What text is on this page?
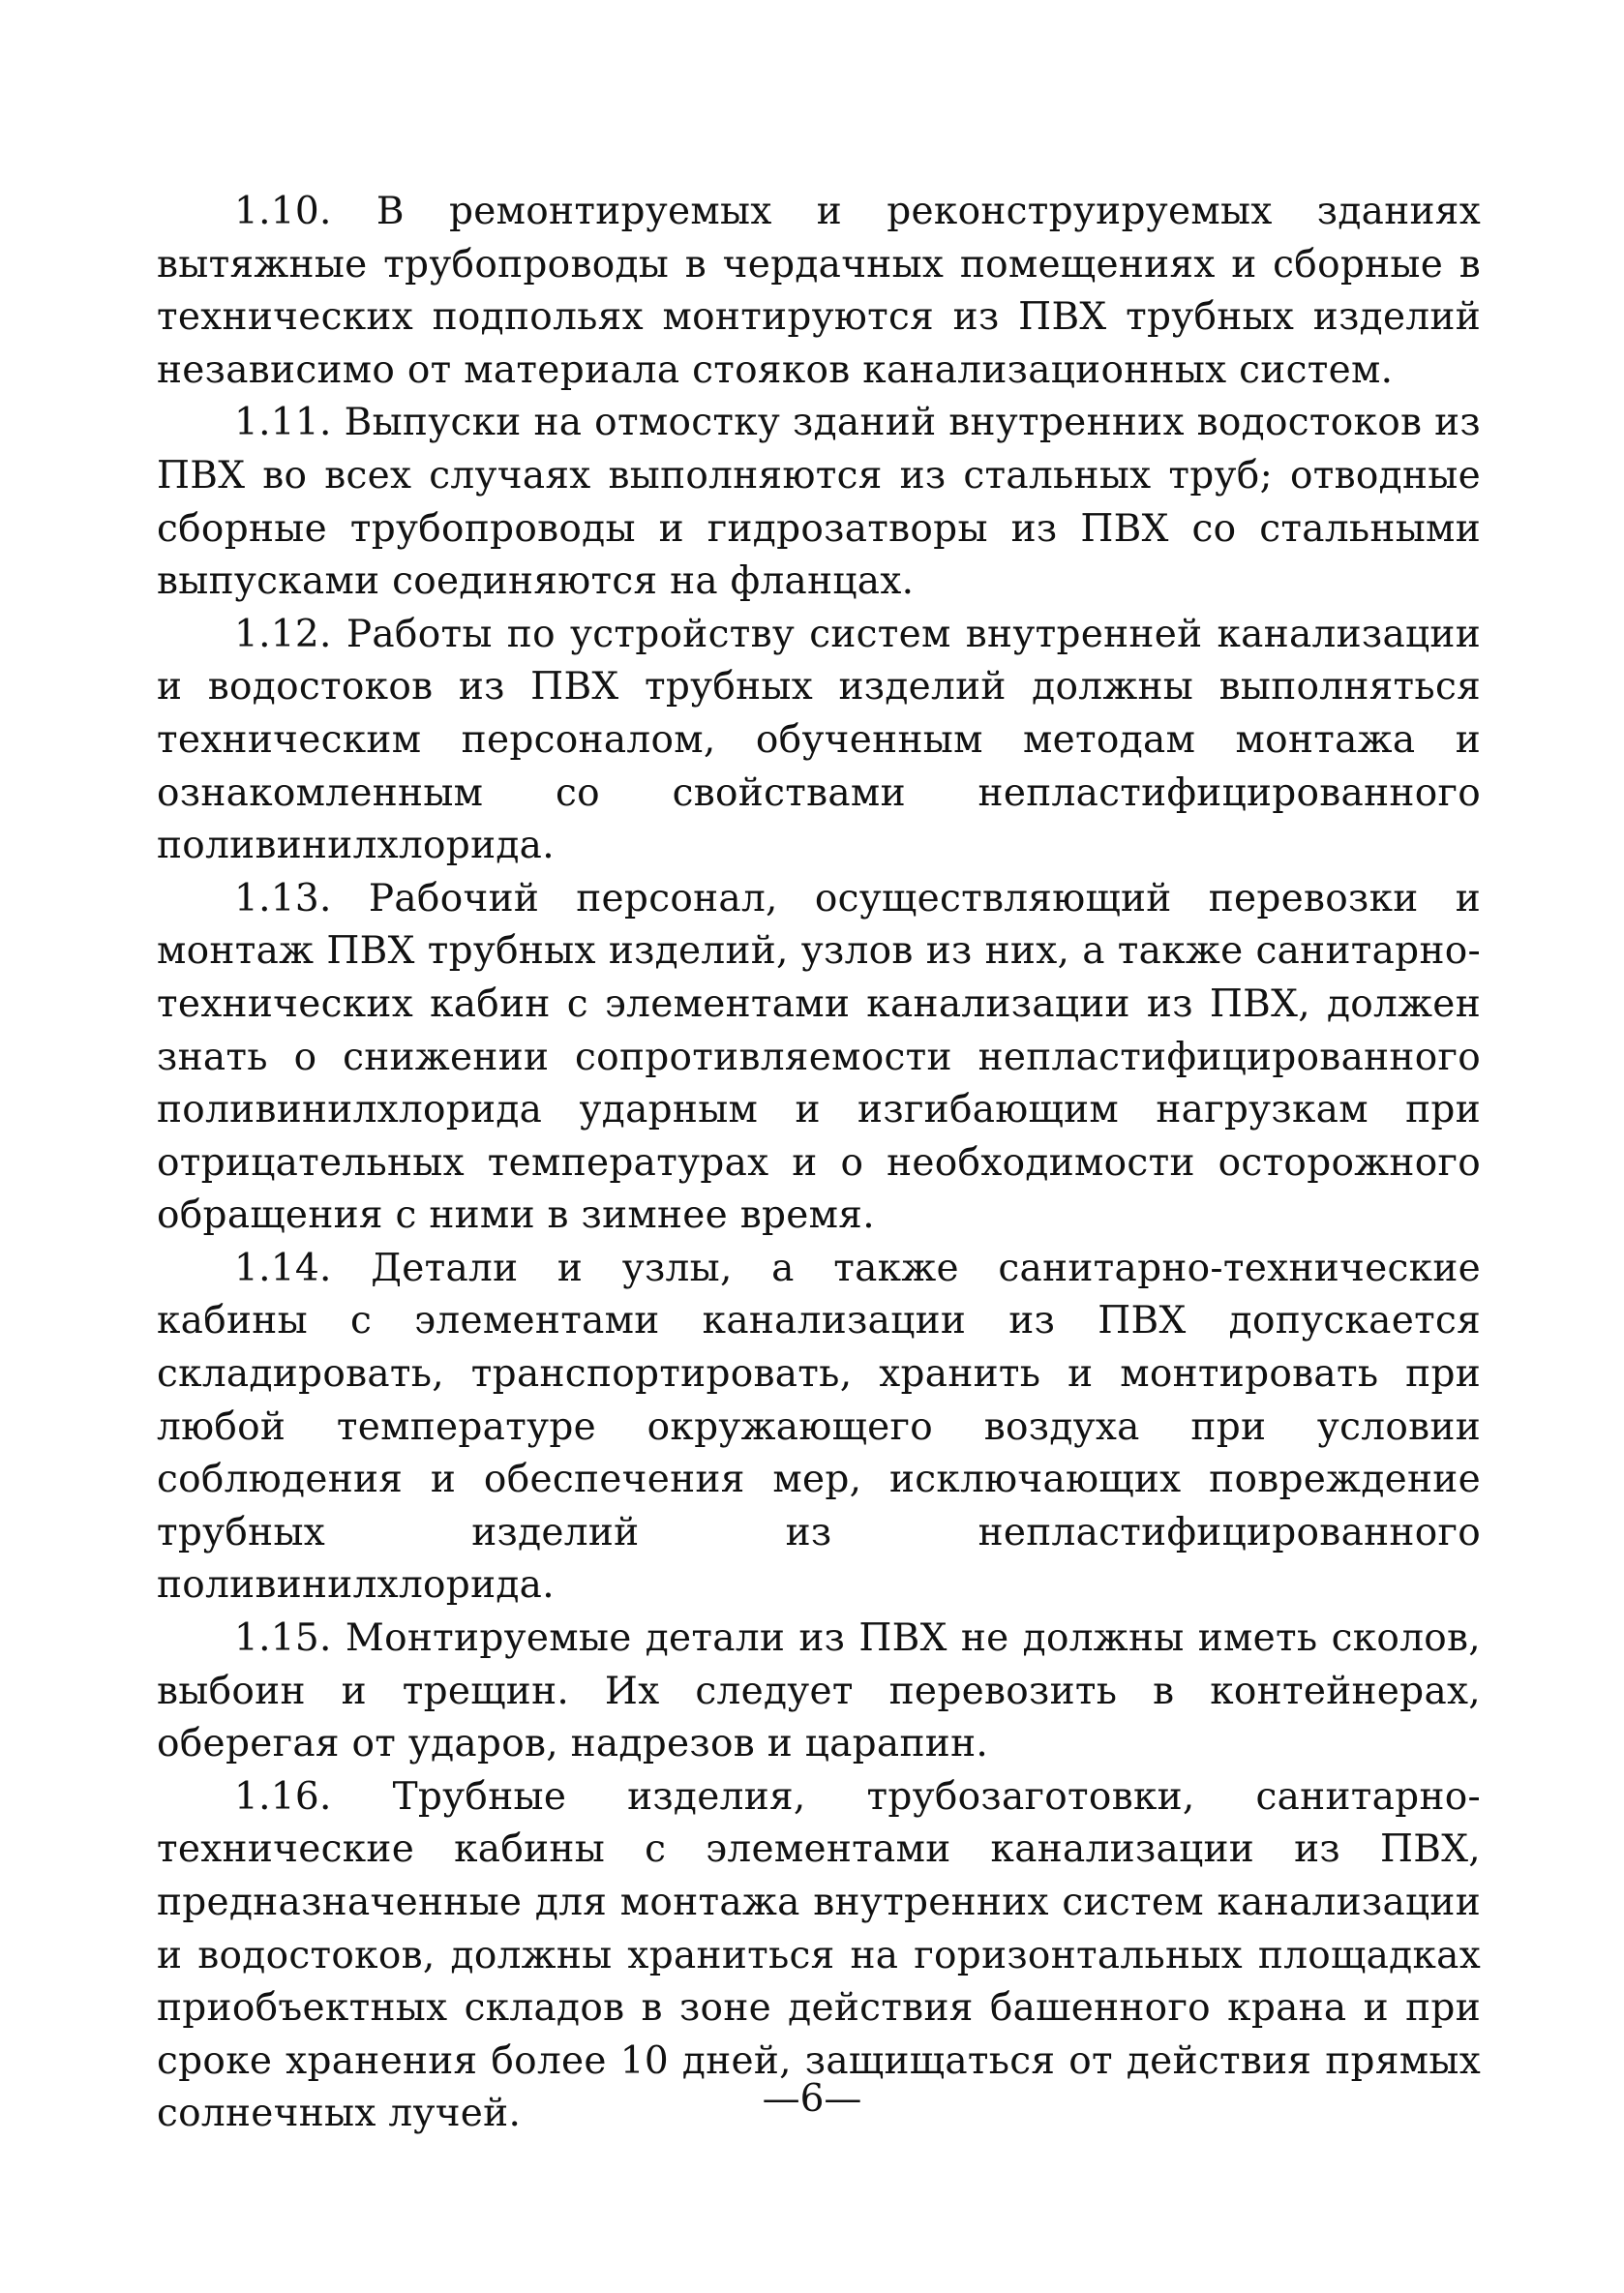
1.10. В ремонтируемых и реконструируемых зданиях вытяжные трубопроводы в чердачных помещениях и сборные в технических подпольях монтируются из ПВХ трубных изделий независимо от материала стояков канализационных систем.

1.11. Выпуски на отмостку зданий внутренних водостоков из ПВХ во всех случаях выполняются из стальных труб; отводные сборные трубопроводы и гидрозатворы из ПВХ со стальными выпусками соединяются на фланцах.

1.12. Работы по устройству систем внутренней канализации и водостоков из ПВХ трубных изделий должны выполняться техническим персоналом, обученным методам монтажа и ознакомленным со свойствами непластифицированного поливинилхлорида.

1.13. Рабочий персонал, осуществляющий перевозки и монтаж ПВХ трубных изделий, узлов из них, а также санитарно-технических кабин с элементами канализации из ПВХ, должен знать о снижении сопротивляемости непластифицированного поливинилхлорида ударным и изгибающим нагрузкам при отрицательных температурах и о необходимости осторожного обращения с ними в зимнее время.

1.14. Детали и узлы, а также санитарно-технические кабины с элементами канализации из ПВХ допускается складировать, транспортировать, хранить и монтировать при любой температуре окружающего воздуха при условии соблюдения и обеспечения мер, исключающих повреждение трубных изделий из непластифицированного поливинилхлорида.

1.15. Монтируемые детали из ПВХ не должны иметь сколов, выбоин и трещин. Их следует перевозить в контейнерах, оберегая от ударов, надрезов и царапин.

1.16. Трубные изделия, трубозаготовки, санитарно-технические кабины с элементами канализации из ПВХ, предназначенные для монтажа внутренних систем канализации и водостоков, должны храниться на горизонтальных площадках приобъектных складов в зоне действия башенного крана и при сроке хранения более 10 дней, защищаться от действия прямых солнечных лучей.	—6—
